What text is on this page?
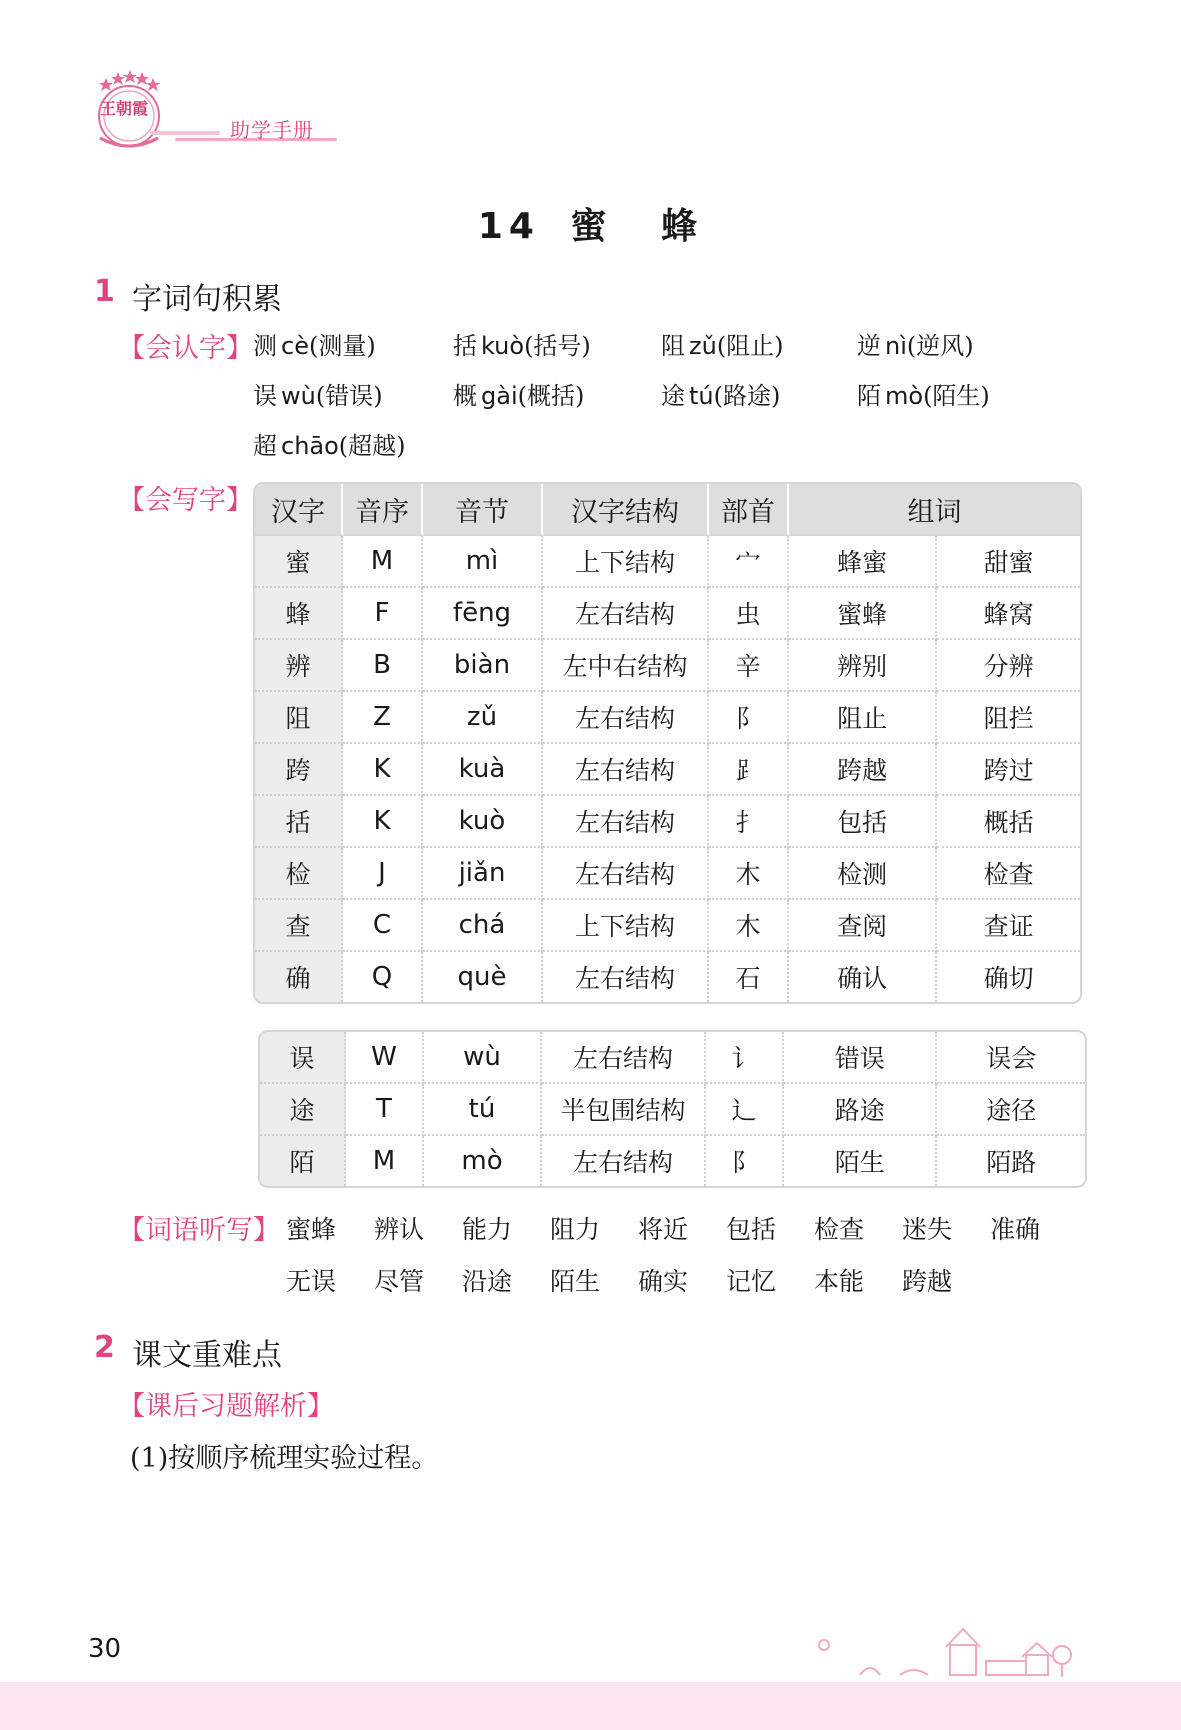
王朝霞
助学手册
14 蜜 蜂
1 字词句积累
【会认字】 测 cè(测量)	括 kuò(括号)	阻 zǔ(阻止)	逆 nì(逆风)
误 wù(错误)	概 gài(概括)	途 tú(路途)	陌 mò(陌生)
超 chāo(超越)
【会写字】 汉字	音序	音节	汉字结构	部首	组词	
蜜	M	mì	上下结构	宀	蜂蜜	甜蜜
蜂	F	fēng	左右结构	虫	蜜蜂	蜂窝
辨	B	biàn	左中右结构	辛	辨别	分辨
阻	Z	zǔ	左右结构	阝	阻止	阻拦
跨	K	kuà	左右结构	⻊	跨越	跨过
括	K	kuò	左右结构	扌	包括	概括
检	J	jiǎn	左右结构	木	检测	检查
查	C	chá	上下结构	木	查阅	查证
确	Q	què	左右结构	石	确认	确切
误	W	wù	左右结构	讠	错误	误会
途	T	tú	半包围结构	辶	路途	途径
陌	M	mò	左右结构	阝	陌生	陌路
【词语听写】 蜜蜂 辨认 能力 阻力 将近 包括 检查 迷失 准确
无误 尽管 沿途 陌生 确实 记忆 本能 跨越
2 课文重难点
【课后习题解析】
(1)按顺序梳理实验过程。
30
